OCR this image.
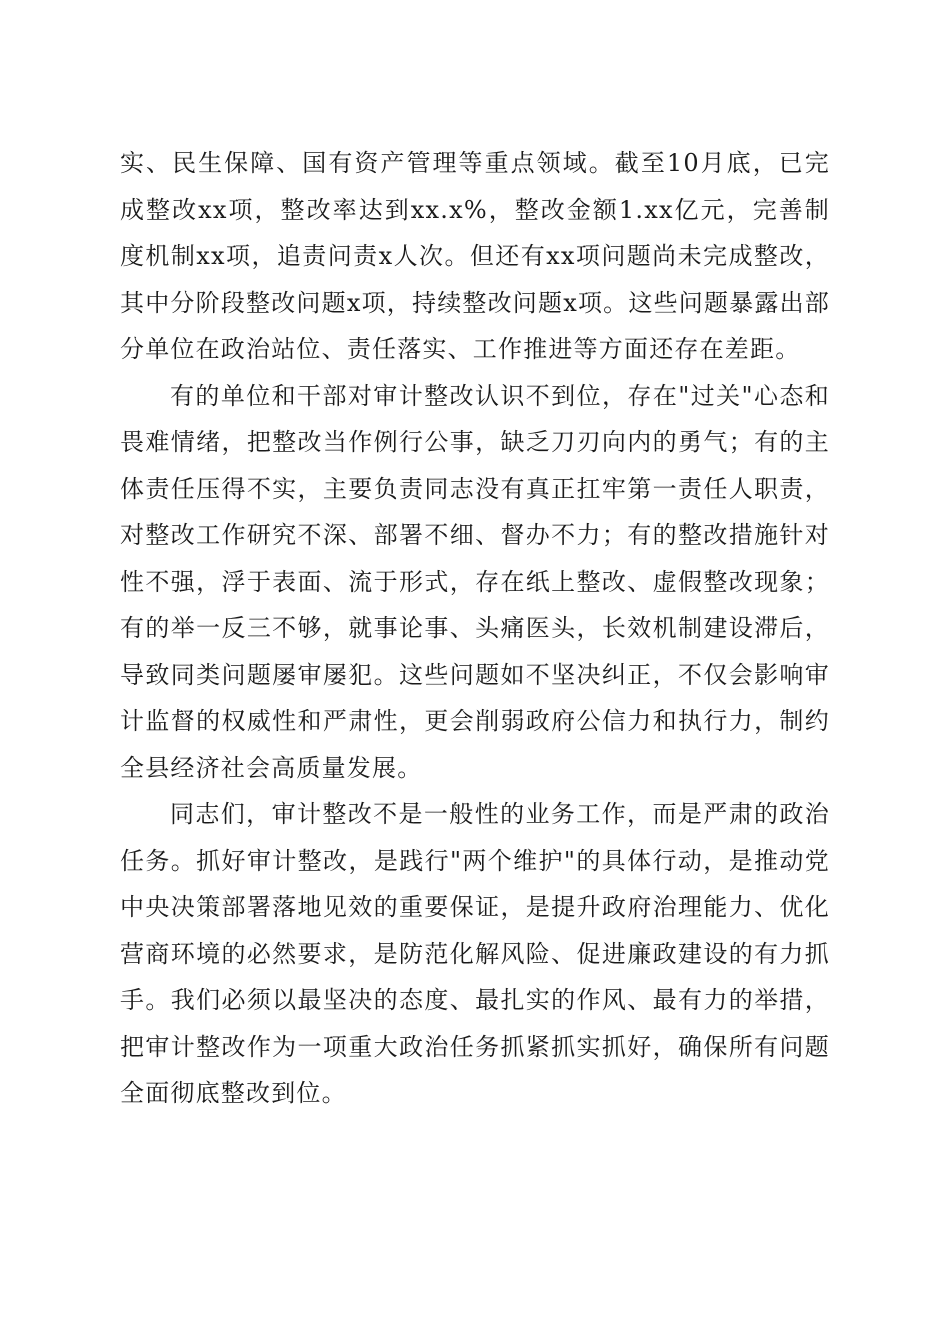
实、民生保障、国有资产管理等重点领域。截至10月底，已完成整改xx项，整改率达到xx.x%，整改金额1.xx亿元，完善制度机制xx项，追责问责x人次。但还有xx项问题尚未完成整改，其中分阶段整改问题x项，持续整改问题x项。这些问题暴露出部分单位在政治站位、责任落实、工作推进等方面还存在差距。

有的单位和干部对审计整改认识不到位，存在"过关"心态和畏难情绪，把整改当作例行公事，缺乏刀刃向内的勇气；有的主体责任压得不实，主要负责同志没有真正扛牢第一责任人职责，对整改工作研究不深、部署不细、督办不力；有的整改措施针对性不强，浮于表面、流于形式，存在纸上整改、虚假整改现象；有的举一反三不够，就事论事、头痛医头，长效机制建设滞后，导致同类问题屡审屡犯。这些问题如不坚决纠正，不仅会影响审计监督的权威性和严肃性，更会削弱政府公信力和执行力，制约全县经济社会高质量发展。

同志们，审计整改不是一般性的业务工作，而是严肃的政治任务。抓好审计整改，是践行"两个维护"的具体行动，是推动党中央决策部署落地见效的重要保证，是提升政府治理能力、优化营商环境的必然要求，是防范化解风险、促进廉政建设的有力抓手。我们必须以最坚决的态度、最扎实的作风、最有力的举措，把审计整改作为一项重大政治任务抓紧抓实抓好，确保所有问题全面彻底整改到位。
